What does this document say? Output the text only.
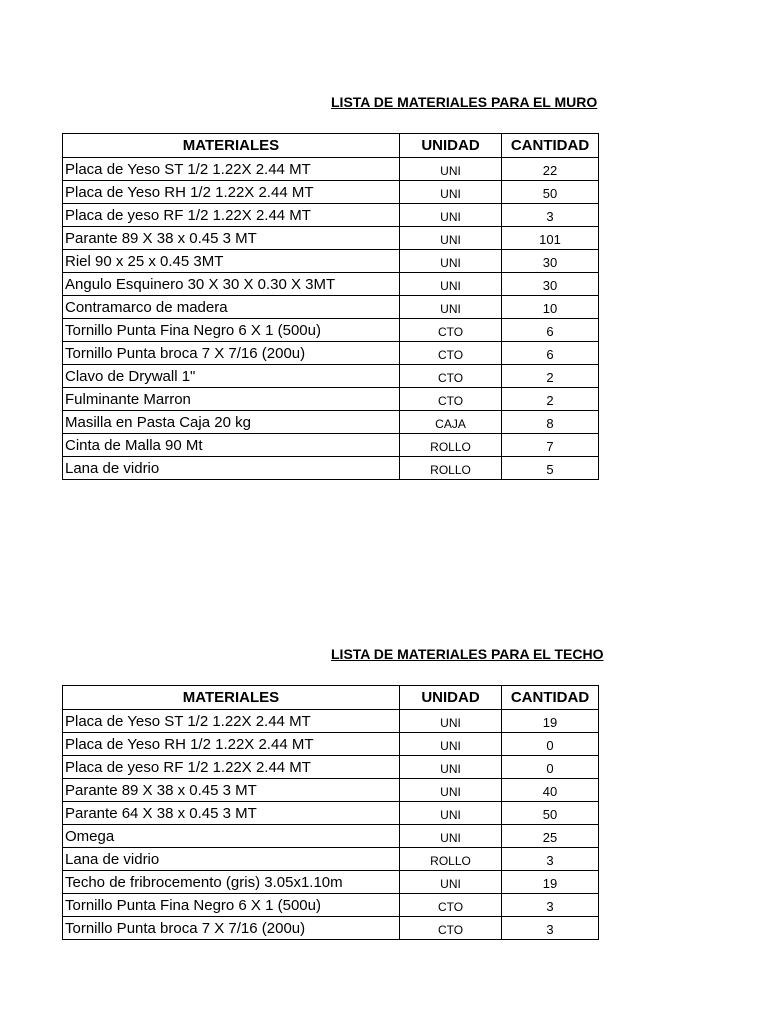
LISTA DE MATERIALES PARA EL MURO
MATERIALES	UNIDAD	CANTIDAD
Placa de Yeso ST 1/2 1.22X 2.44 MT	UNI	22
Placa de Yeso RH 1/2 1.22X 2.44 MT	UNI	50
Placa de yeso RF 1/2 1.22X 2.44 MT	UNI	3
Parante 89 X 38 x 0.45 3 MT	UNI	101
Riel 90 x 25 x 0.45 3MT	UNI	30
Angulo Esquinero 30 X 30 X 0.30 X 3MT	UNI	30
Contramarco de madera	UNI	10
Tornillo Punta Fina Negro 6 X 1 (500u)	CTO	6
Tornillo Punta broca 7 X 7/16 (200u)	CTO	6
Clavo de Drywall 1"	CTO	2
Fulminante Marron	CTO	2
Masilla en Pasta Caja 20 kg	CAJA	8
Cinta de Malla 90 Mt	ROLLO	7
Lana de vidrio	ROLLO	5
LISTA DE MATERIALES PARA EL TECHO
MATERIALES	UNIDAD	CANTIDAD
Placa de Yeso ST 1/2 1.22X 2.44 MT	UNI	19
Placa de Yeso RH 1/2 1.22X 2.44 MT	UNI	0
Placa de yeso RF 1/2 1.22X 2.44 MT	UNI	0
Parante 89 X 38 x 0.45 3 MT	UNI	40
Parante 64 X 38 x 0.45 3 MT	UNI	50
Omega	UNI	25
Lana de vidrio	ROLLO	3
Techo de fribrocemento (gris) 3.05x1.10m	UNI	19
Tornillo Punta Fina Negro 6 X 1 (500u)	CTO	3
Tornillo Punta broca 7 X 7/16 (200u)	CTO	3
